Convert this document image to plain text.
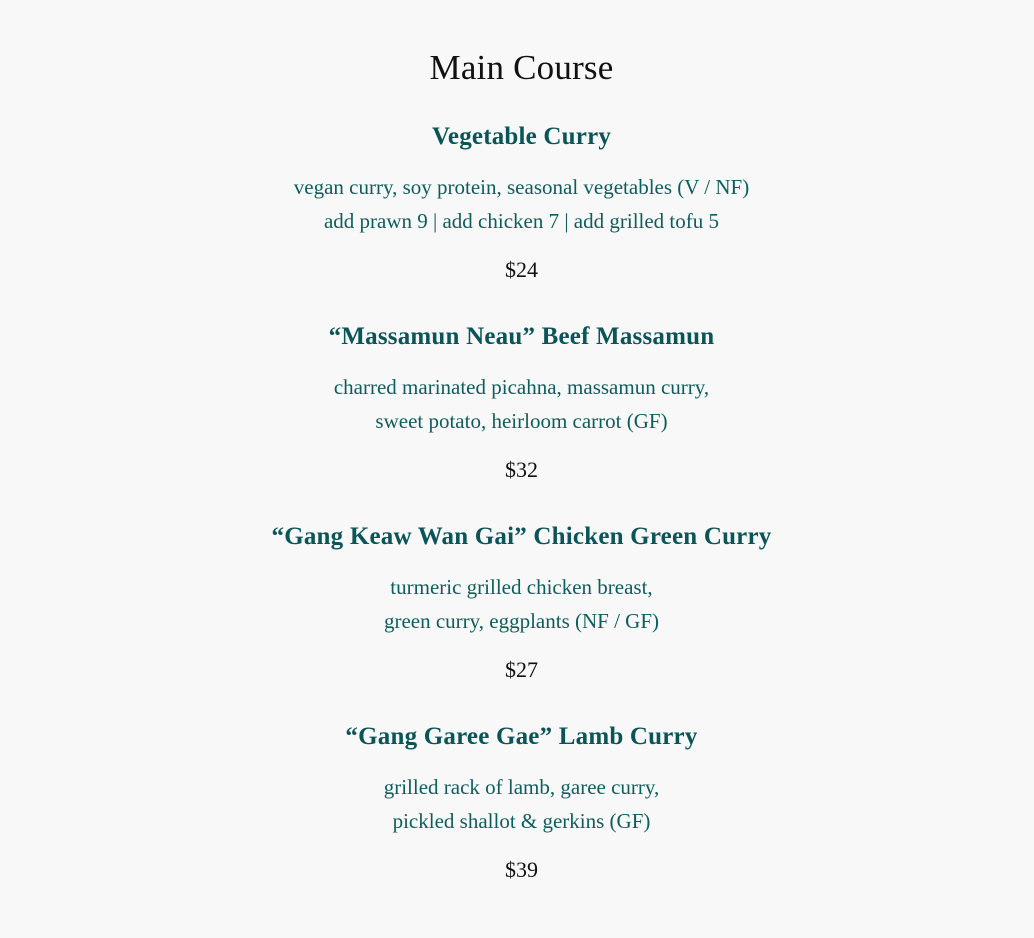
Main Course
Vegetable Curry
vegan curry, soy protein, seasonal vegetables (V / NF)
add prawn 9 | add chicken 7 | add grilled tofu 5
$24
“Massamun Neau” Beef Massamun
charred marinated picahna, massamun curry,
sweet potato, heirloom carrot (GF)
$32
“Gang Keaw Wan Gai” Chicken Green Curry
turmeric grilled chicken breast,
green curry, eggplants (NF / GF)
$27
“Gang Garee Gae” Lamb Curry
grilled rack of lamb, garee curry,
pickled shallot & gerkins (GF)
$39
